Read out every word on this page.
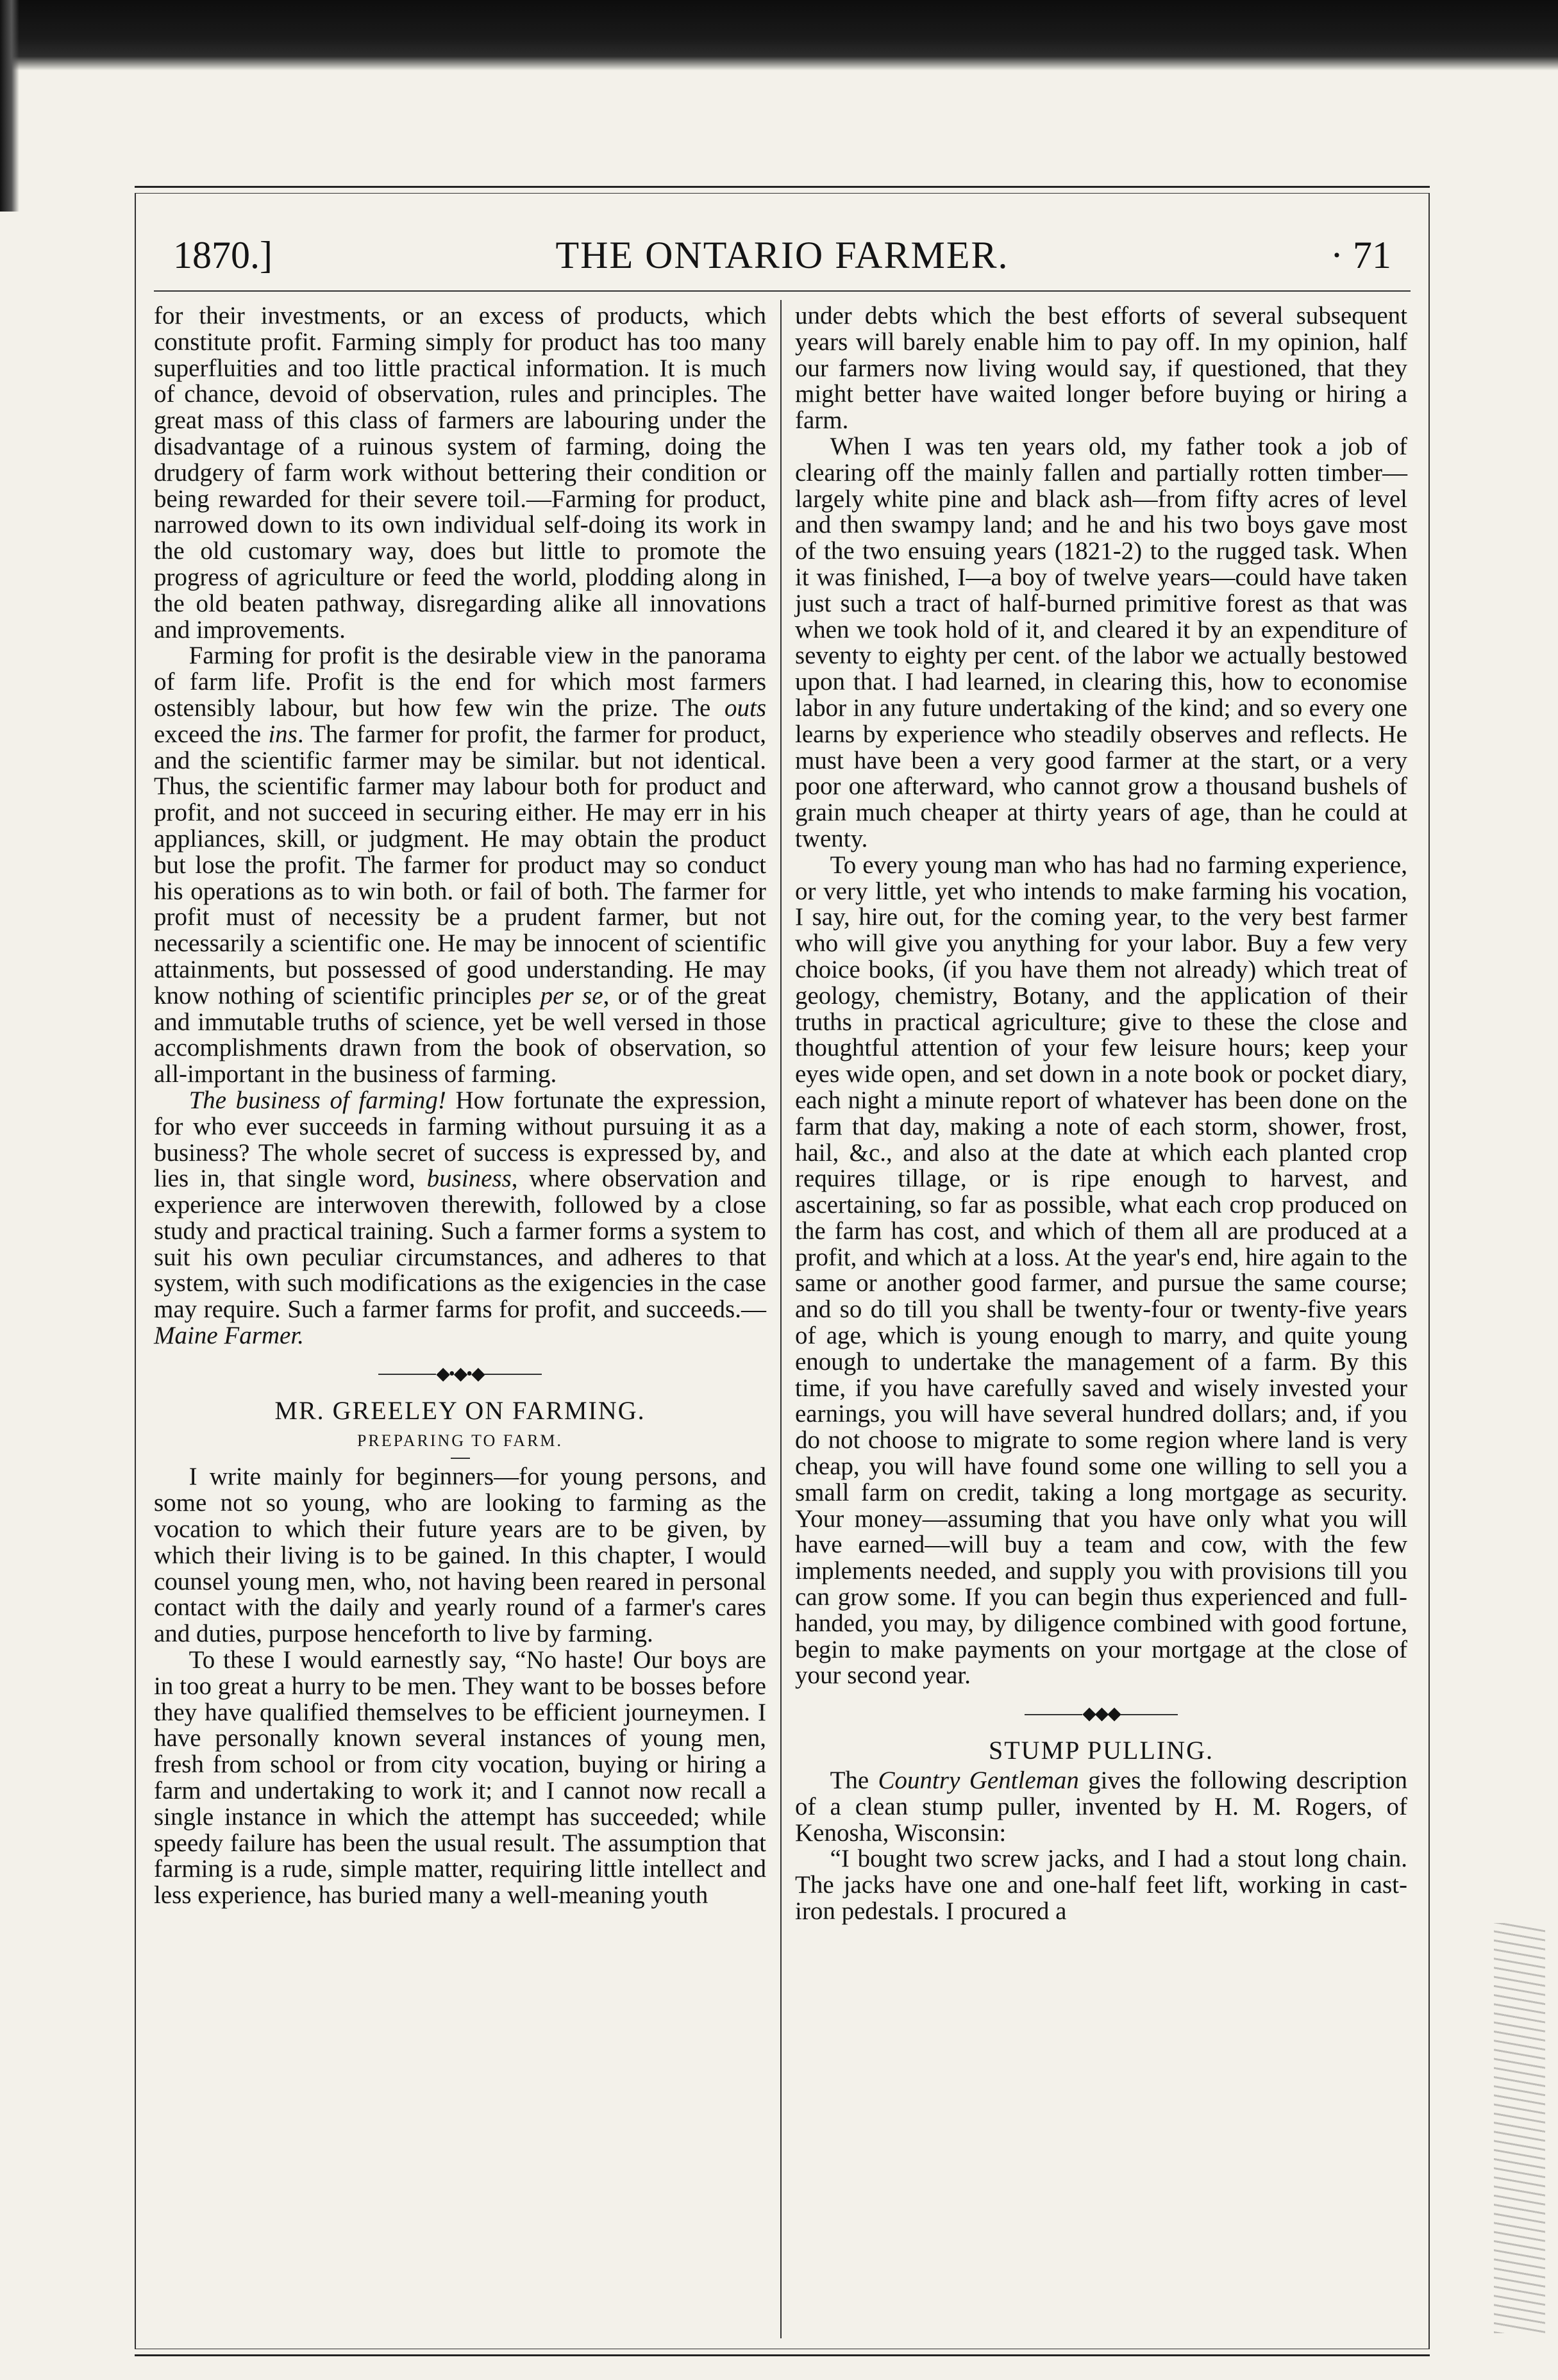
1870.]	THE ONTARIO FARMER.	· 71

for their investments, or an excess of products, which constitute profit. Farming simply for product has too many superfluities and too little practical information. It is much of chance, devoid of observation, rules and principles. The great mass of this class of farmers are labouring under the disadvantage of a ruinous system of farming, doing the drudgery of farm work without bettering their condition or being rewarded for their severe toil.—Farming for product, narrowed down to its own individual self-doing its work in the old customary way, does but little to promote the progress of agriculture or feed the world, plodding along in the old beaten pathway, disregarding alike all innovations and improvements.

Farming for profit is the desirable view in the panorama of farm life. Profit is the end for which most farmers ostensibly labour, but how few win the prize. The outs exceed the ins. The farmer for profit, the farmer for product, and the scientific farmer may be similar. but not identical. Thus, the scientific farmer may labour both for product and profit, and not succeed in securing either. He may err in his appliances, skill, or judgment. He may obtain the product but lose the profit. The farmer for product may so conduct his operations as to win both. or fail of both. The farmer for profit must of necessity be a prudent farmer, but not necessarily a scientific one. He may be innocent of scientific attainments, but possessed of good understanding. He may know nothing of scientific principles per se, or of the great and immutable truths of science, yet be well versed in those accomplishments drawn from the book of observation, so all-important in the business of farming.

The business of farming! How fortunate the expression, for who ever succeeds in farming without pursuing it as a business? The whole secret of success is expressed by, and lies in, that single word, business, where observation and experience are interwoven therewith, followed by a close study and practical training. Such a farmer forms a system to suit his own peculiar circumstances, and adheres to that system, with such modifications as the exigencies in the case may require. Such a farmer farms for profit, and succeeds.—Maine Farmer.

◆•◆•◆
MR. GREELEY ON FARMING.
PREPARING TO FARM.

I write mainly for beginners—for young persons, and some not so young, who are looking to farming as the vocation to which their future years are to be given, by which their living is to be gained. In this chapter, I would counsel young men, who, not having been reared in personal contact with the daily and yearly round of a farmer's cares and duties, purpose henceforth to live by farming.

To these I would earnestly say, “No haste! Our boys are in too great a hurry to be men. They want to be bosses before they have qualified themselves to be efficient journeymen. I have personally known several instances of young men, fresh from school or from city vocation, buying or hiring a farm and undertaking to work it; and I cannot now recall a single instance in which the attempt has succeeded; while speedy failure has been the usual result. The assumption that farming is a rude, simple matter, requiring little intellect and less experience, has buried many a well-meaning youth

under debts which the best efforts of several subsequent years will barely enable him to pay off. In my opinion, half our farmers now living would say, if questioned, that they might better have waited longer before buying or hiring a farm.

When I was ten years old, my father took a job of clearing off the mainly fallen and partially rotten timber—largely white pine and black ash—from fifty acres of level and then swampy land; and he and his two boys gave most of the two ensuing years (1821-2) to the rugged task. When it was finished, I—a boy of twelve years—could have taken just such a tract of half-burned primitive forest as that was when we took hold of it, and cleared it by an expenditure of seventy to eighty per cent. of the labor we actually bestowed upon that. I had learned, in clearing this, how to economise labor in any future undertaking of the kind; and so every one learns by experience who steadily observes and reflects. He must have been a very good farmer at the start, or a very poor one afterward, who cannot grow a thousand bushels of grain much cheaper at thirty years of age, than he could at twenty.

To every young man who has had no farming experience, or very little, yet who intends to make farming his vocation, I say, hire out, for the coming year, to the very best farmer who will give you anything for your labor. Buy a few very choice books, (if you have them not already) which treat of geology, chemistry, Botany, and the application of their truths in practical agriculture; give to these the close and thoughtful attention of your few leisure hours; keep your eyes wide open, and set down in a note book or pocket diary, each night a minute report of whatever has been done on the farm that day, making a note of each storm, shower, frost, hail, &c., and also at the date at which each planted crop requires tillage, or is ripe enough to harvest, and ascertaining, so far as possible, what each crop produced on the farm has cost, and which of them all are produced at a profit, and which at a loss. At the year's end, hire again to the same or another good farmer, and pursue the same course; and so do till you shall be twenty-four or twenty-five years of age, which is young enough to marry, and quite young enough to undertake the management of a farm. By this time, if you have carefully saved and wisely invested your earnings, you will have several hundred dollars; and, if you do not choose to migrate to some region where land is very cheap, you will have found some one willing to sell you a small farm on credit, taking a long mortgage as security. Your money—assuming that you have only what you will have earned—will buy a team and cow, with the few implements needed, and supply you with provisions till you can grow some. If you can begin thus experienced and full-handed, you may, by diligence combined with good fortune, begin to make payments on your mortgage at the close of your second year.

◆◆◆
STUMP PULLING.

The Country Gentleman gives the following description of a clean stump puller, invented by H. M. Rogers, of Kenosha, Wisconsin:

“I bought two screw jacks, and I had a stout long chain. The jacks have one and one-half feet lift, working in cast-iron pedestals. I procured a
